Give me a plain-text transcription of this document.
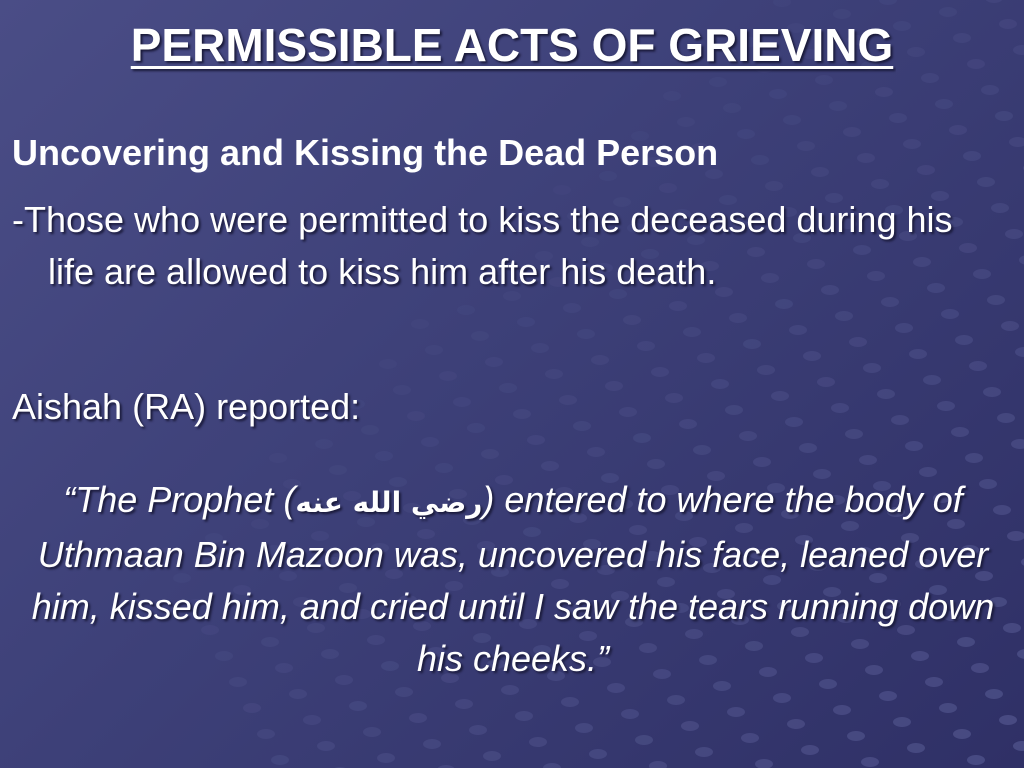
PERMISSIBLE ACTS OF GRIEVING
Uncovering and Kissing the Dead Person

-Those who were permitted to kiss the deceased during his life are allowed to kiss him after his death.

Aishah (RA) reported:

“The Prophet (رضي الله عنه) entered to where the body of Uthmaan Bin Mazoon was, uncovered his face, leaned over him, kissed him, and cried until I saw the tears running down his cheeks.”
